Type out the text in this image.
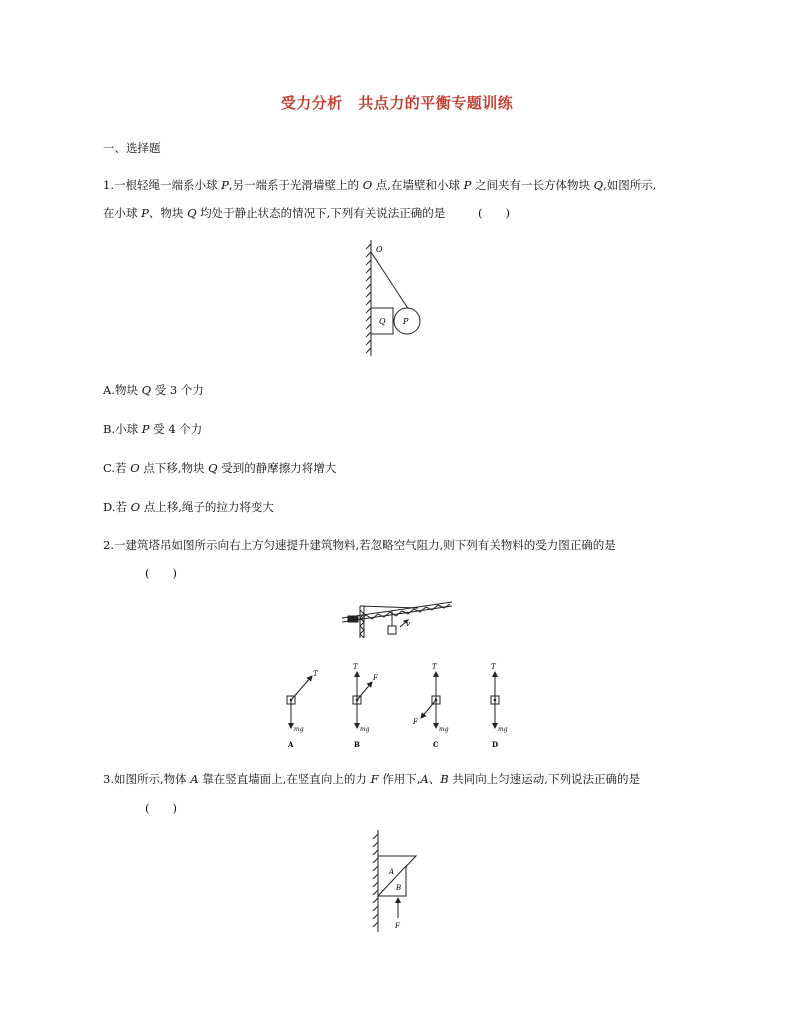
受力分析　共点力的平衡专题训练
一、选择题
1.一根轻绳一端系小球 P,另一端系于光滑墙壁上的 O 点,在墙壁和小球 P 之间夹有一长方体物块 Q,如图所示,
在小球 P、物块 Q 均处于静止状态的情况下,下列有关说法正确的是	(　　)
O
Q P
A.物块 Q 受 3 个力
B.小球 P 受 4 个力
C.若 O 点下移,物块 Q 受到的静摩擦力将增大
D.若 O 点上移,绳子的拉力将变大
2.一建筑塔吊如图所示向右上方匀速提升建筑物料,若忽略空气阻力,则下列有关物料的受力图正确的是
(　　)
v
T
mg
A
T
F
mg
B
T
F
mg
C
T
mg
D
3.如图所示,物体 A 靠在竖直墙面上,在竖直向上的力 F 作用下,A、B 共同向上匀速运动,下列说法正确的是
(　　)
A
B
F
